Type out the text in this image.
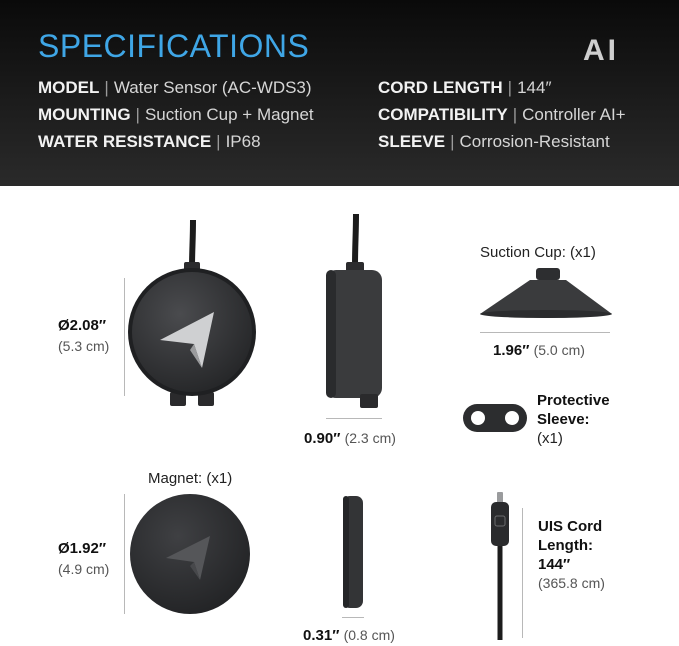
SPECIFICATIONS	AI
MODEL | Water Sensor (AC-WDS3)
MOUNTING | Suction Cup + Magnet
WATER RESISTANCE | IP68
CORD LENGTH | 144″
COMPATIBILITY | Controller AI+
SLEEVE | Corrosion-Resistant
Ø2.08″
(5.3 cm)
0.90″ (2.3 cm)
Suction Cup: (x1)
1.96″ (5.0 cm)
Protective
Sleeve:
(x1)
Magnet: (x1)
Ø1.92″
(4.9 cm)
0.31″ (0.8 cm)
UIS Cord
Length:
144″
(365.8 cm)
